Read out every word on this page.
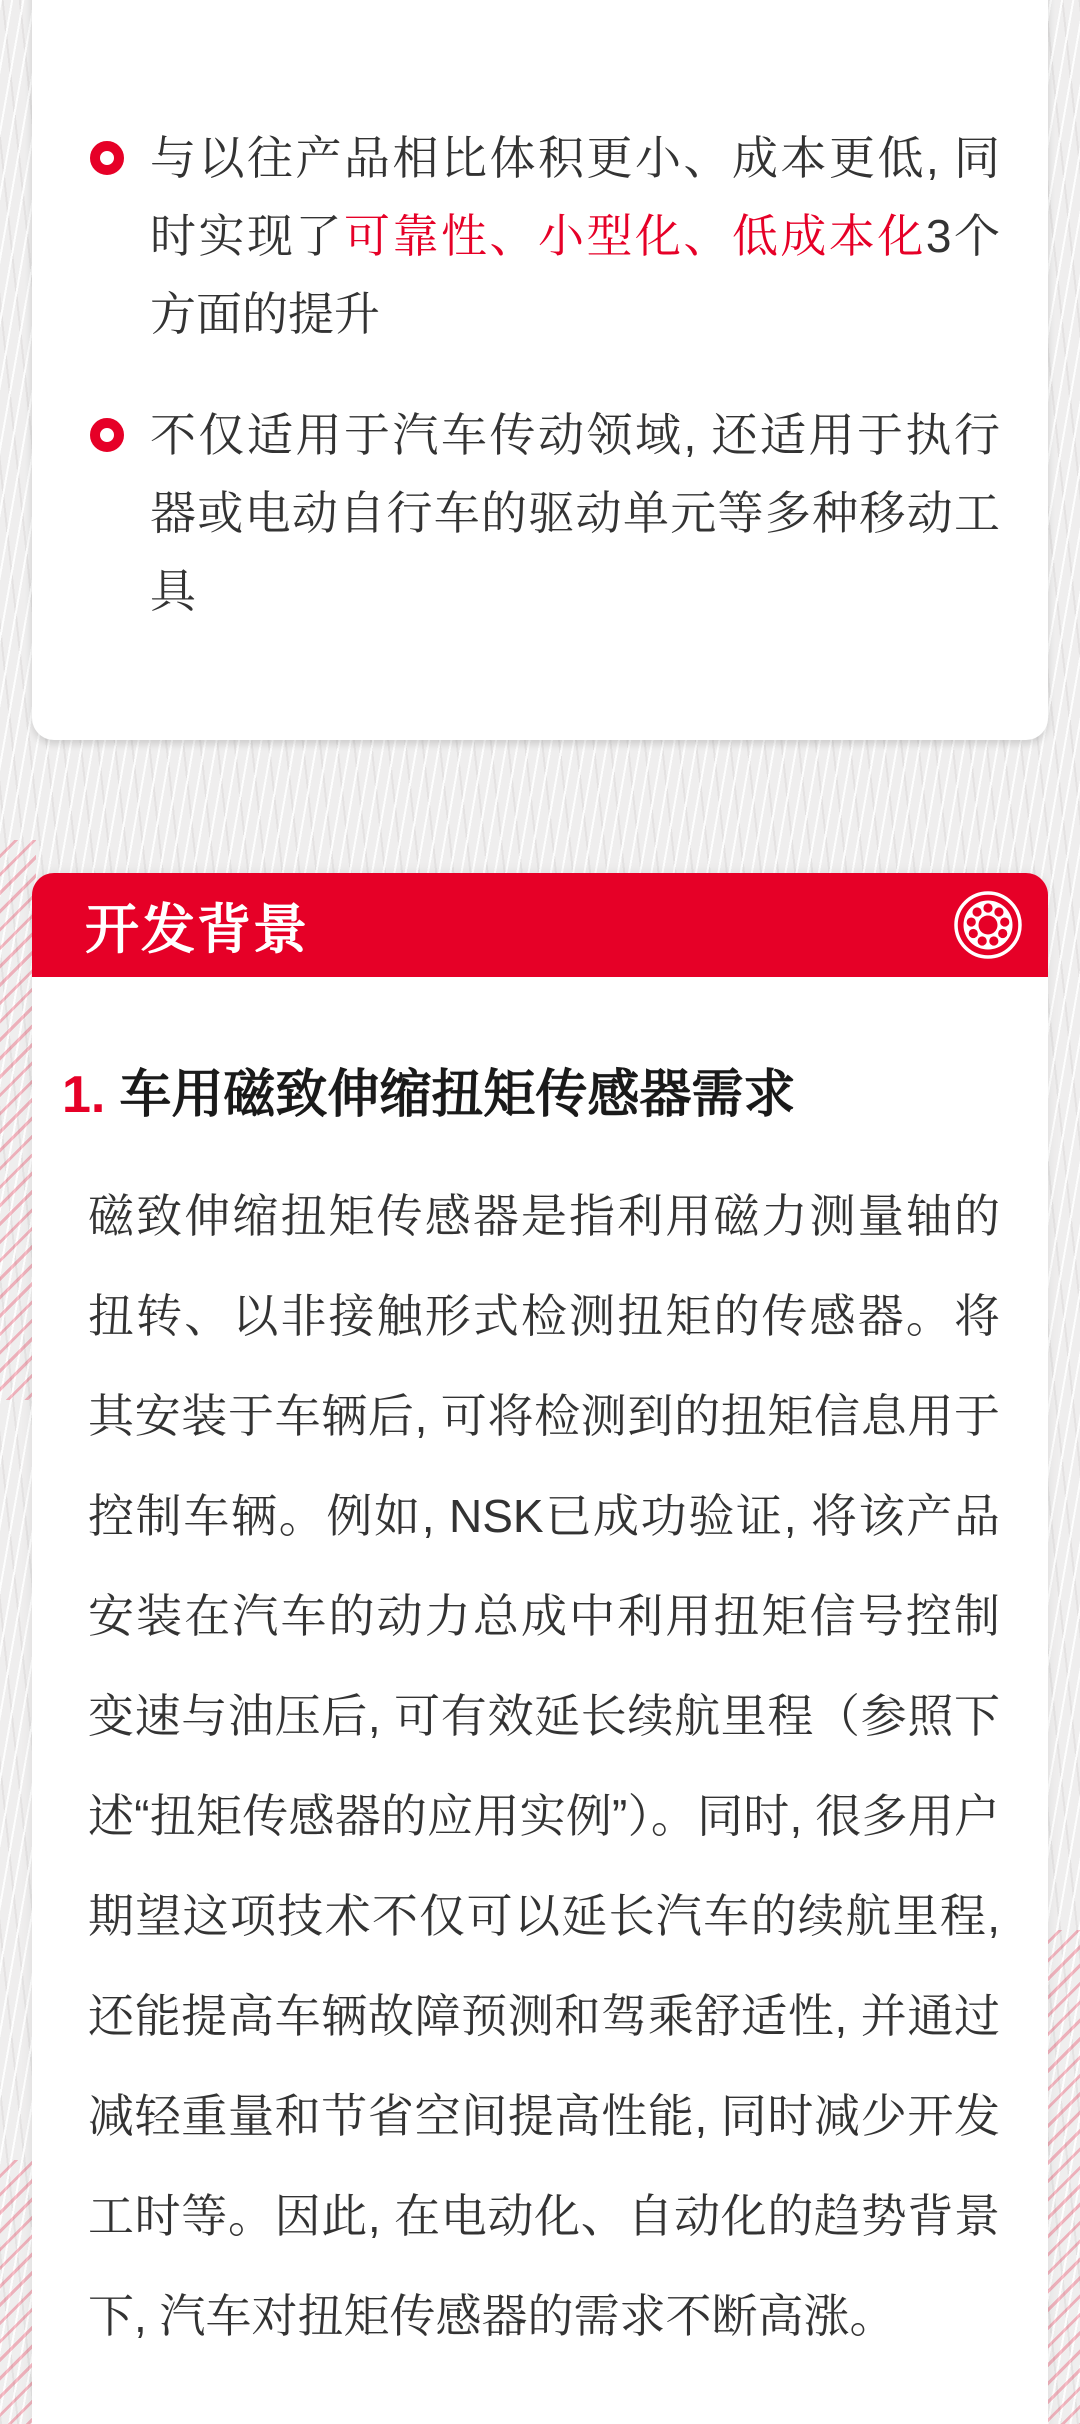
与以往产品相比体积更小、成本更低, 同时实现了可靠性、小型化、低成本化3个方面的提升

不仅适用于汽车传动领域, 还适用于执行器或电动自行车的驱动单元等多种移动工具

开发背景
1. 车用磁致伸缩扭矩传感器需求

磁致伸缩扭矩传感器是指利用磁力测量轴的扭转、以非接触形式检测扭矩的传感器。将其安装于车辆后, 可将检测到的扭矩信息用于控制车辆。例如, NSK已成功验证, 将该产品安装在汽车的动力总成中利用扭矩信号控制变速与油压后, 可有效延长续航里程（参照下述“扭矩传感器的应用实例”）。同时, 很多用户期望这项技术不仅可以延长汽车的续航里程, 还能提高车辆故障预测和驾乘舒适性, 并通过减轻重量和节省空间提高性能, 同时减少开发工时等。因此, 在电动化、自动化的趋势背景下, 汽车对扭矩传感器的需求不断高涨。
